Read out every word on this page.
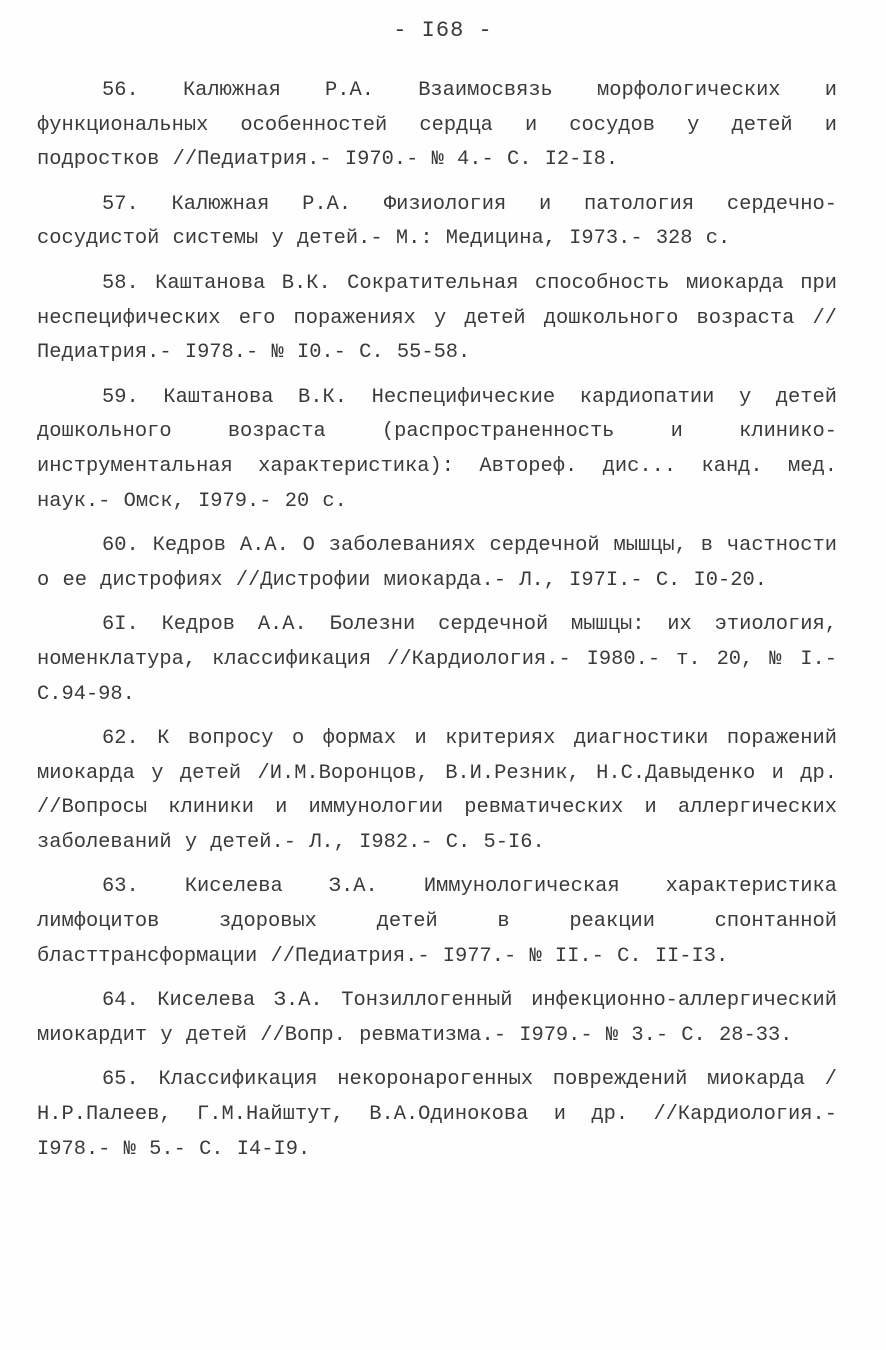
- I68 -
56. Калюжная Р.А. Взаимосвязь морфологических и функциональных особенностей сердца и сосудов у детей и подростков //Педиатрия.- I970.- № 4.- С. I2-I8.
57. Калюжная Р.А. Физиология и патология сердечно-сосудистой системы у детей.- М.: Медицина, I973.- 328 с.
58. Каштанова В.К. Сократительная способность миокарда при неспецифических его поражениях у детей дошкольного возраста //Педиатрия.- I978.- № I0.- С. 55-58.
59. Каштанова В.К. Неспецифические кардиопатии у детей дошкольного возраста (распространенность и клинико-инструментальная характеристика): Автореф. дис... канд. мед. наук.- Омск, I979.- 20 с.
60. Кедров А.А. О заболеваниях сердечной мышцы, в частности о ее дистрофиях //Дистрофии миокарда.- Л., I97I.- С. I0-20.
6I. Кедров А.А. Болезни сердечной мышцы: их этиология, номенклатура, классификация //Кардиология.- I980.- т. 20, № I.- С.94-98.
62. К вопросу о формах и критериях диагностики поражений миокарда у детей /И.М.Воронцов, В.И.Резник, Н.С.Давыденко и др. //Вопросы клиники и иммунологии ревматических и аллергических заболеваний у детей.- Л., I982.- С. 5-I6.
63. Киселева З.А. Иммунологическая характеристика лимфоцитов здоровых детей в реакции спонтанной бласттрансформации //Педиатрия.- I977.- № II.- С. II-I3.
64. Киселева З.А. Тонзиллогенный инфекционно-аллергический миокардит у детей //Вопр. ревматизма.- I979.- № 3.- С. 28-33.
65. Классификация некоронарогенных повреждений миокарда /Н.Р.Палеев, Г.М.Найштут, В.А.Одинокова и др. //Кардиология.- I978.- № 5.- С. I4-I9.
